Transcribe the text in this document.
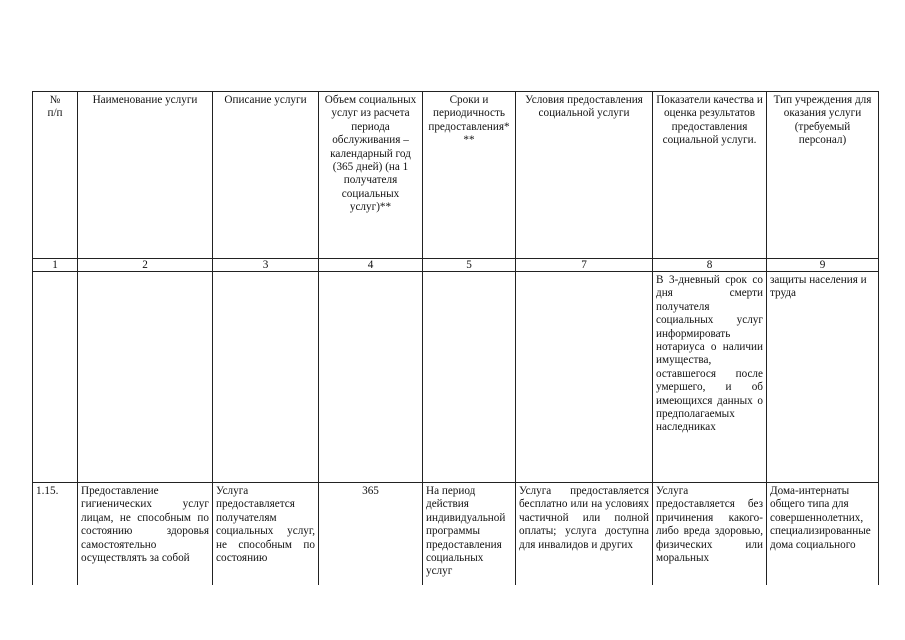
№
п/п	Наименование услуги	Описание услуги	Объем социальных услуг из расчета периода обслуживания – календарный год (365 дней) (на 1 получателя социальных услуг)**	Сроки и периодичность предоставления***	Условия предоставления социальной услуги	Показатели качества и оценка результатов предоставления социальной услуги.	Тип учреждения для оказания услуги (требуемый персонал)
1	2	3	4	5	7	8	9
						В 3-дневный срок со дня смерти получателя социальных услуг информировать нотариуса о наличии имущества, оставшегося после умершего, и об имеющихся данных о предполагаемых наследниках	защиты населения и труда
1.15.	Предоставление гигиенических услуг лицам, не способным по состоянию здоровья самостоятельно осуществлять за собой	Услуга предоставляется получателям социальных услуг, не способным по состоянию	365	На период действия индивидуальной программы предоставления социальных услуг	Услуга предоставляется бесплатно или на условиях частичной или полной оплаты; услуга доступна для инвалидов и других	Услуга предоставляется без причинения какого-либо вреда здоровью, физических или моральных	Дома-интернаты общего типа для совершеннолетних, специализированные дома социального
